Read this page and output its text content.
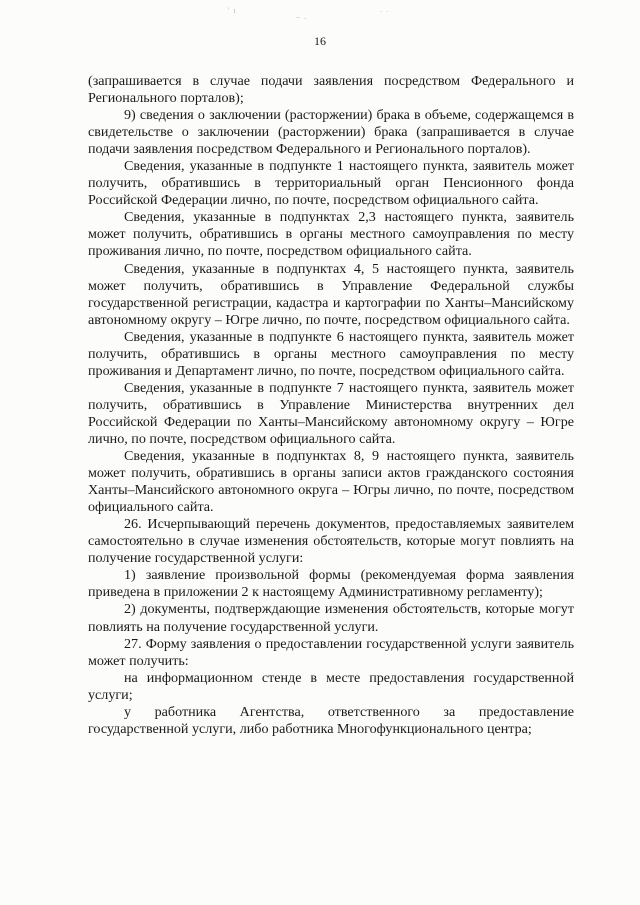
' ı
‒ .	ˑ ˑ
16

(запрашивается в случае подачи заявления посредством Федерального и Регионального порталов);

9) сведения о заключении (расторжении) брака в объеме, содержащемся в свидетельстве о заключении (расторжении) брака (запрашивается в случае подачи заявления посредством Федерального и Регионального порталов).

Сведения, указанные в подпункте 1 настоящего пункта, заявитель может получить, обратившись в территориальный орган Пенсионного фонда Российской Федерации лично, по почте, посредством официального сайта.

Сведения, указанные в подпунктах 2,3 настоящего пункта, заявитель может получить, обратившись в органы местного самоуправления по месту проживания лично, по почте, посредством официального сайта.

Сведения, указанные в подпунктах 4, 5 настоящего пункта, заявитель может получить, обратившись в Управление Федеральной службы государственной регистрации, кадастра и картографии по Ханты–Мансийскому автономному округу – Югре лично, по почте, посредством официального сайта.

Сведения, указанные в подпункте 6 настоящего пункта, заявитель может получить, обратившись в органы местного самоуправления по месту проживания и Департамент лично, по почте, посредством официального сайта.

Сведения, указанные в подпункте 7 настоящего пункта, заявитель может получить, обратившись в Управление Министерства внутренних дел Российской Федерации по Ханты–Мансийскому автономному округу – Югре лично, по почте, посредством официального сайта.

Сведения, указанные в подпунктах 8, 9 настоящего пункта, заявитель может получить, обратившись в органы записи актов гражданского состояния Ханты–Мансийского автономного округа – Югры лично, по почте, посредством официального сайта.

26. Исчерпывающий перечень документов, предоставляемых заявителем самостоятельно в случае изменения обстоятельств, которые могут повлиять на получение государственной услуги:

1) заявление произвольной формы (рекомендуемая форма заявления приведена в приложении 2 к настоящему Административному регламенту);

2) документы, подтверждающие изменения обстоятельств, которые могут повлиять на получение государственной услуги.

27. Форму заявления о предоставлении государственной услуги заявитель может получить:

на информационном стенде в месте предоставления государственной услуги;

у работника Агентства, ответственного за предоставление государственной услуги, либо работника Многофункционального центра;
